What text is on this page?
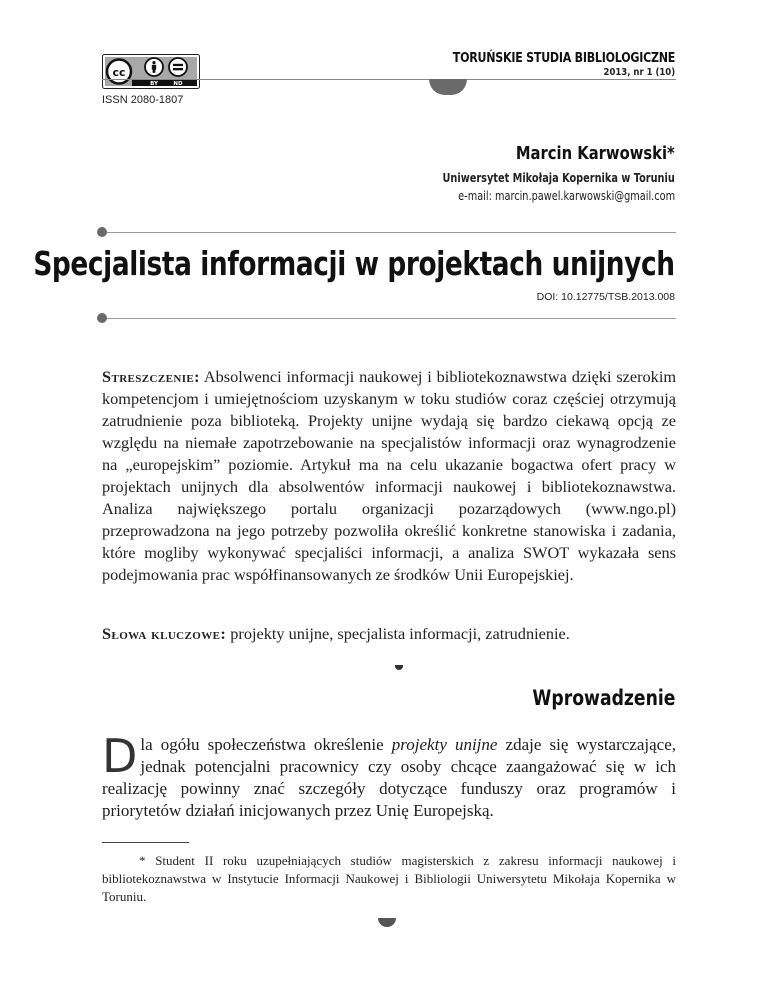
cc
BY	ND
ISSN 2080-1807
TORUŃSKIE STUDIA BIBLIOLOGICZNE
2013, nr 1 (10)
Marcin Karwowski*
Uniwersytet Mikołaja Kopernika w Toruniu
e-mail: marcin.pawel.karwowski@gmail.com
Specjalista informacji w projektach unijnych
DOI: 10.12775/TSB.2013.008
Streszczenie: Absolwenci informacji naukowej i bibliotekoznawstwa dzięki szerokim kompetencjom i umiejętnościom uzyskanym w toku studiów coraz częściej otrzymują zatrudnienie poza biblioteką. Projekty unijne wydają się bardzo ciekawą opcją ze względu na niemałe zapotrzebowanie na specjalistów informacji oraz wynagrodzenie na „europejskim” poziomie. Artykuł ma na celu ukazanie bogactwa ofert pracy w projektach unijnych dla absolwentów informacji naukowej i bibliotekoznawstwa. Analiza największego portalu organizacji pozarządowych (www.ngo.pl) przeprowadzona na jego potrzeby pozwoliła określić konkretne stanowiska i zadania, które mogliby wykonywać specjaliści informacji, a analiza SWOT wykazała sens podejmowania prac współfinansowanych ze środków Unii Europejskiej.
Słowa kluczowe: projekty unijne, specjalista informacji, zatrudnienie.
Wprowadzenie
Dla ogółu społeczeństwa określenie projekty unijne zdaje się wystarczające, jednak potencjalni pracownicy czy osoby chcące zaangażować się w ich realizację powinny znać szczegóły dotyczące funduszy oraz programów i priorytetów działań inicjowanych przez Unię Europejską.
* Student II roku uzupełniających studiów magisterskich z zakresu informacji naukowej i bibliotekoznawstwa w Instytucie Informacji Naukowej i Bibliologii Uniwersytetu Mikołaja Kopernika w Toruniu.
